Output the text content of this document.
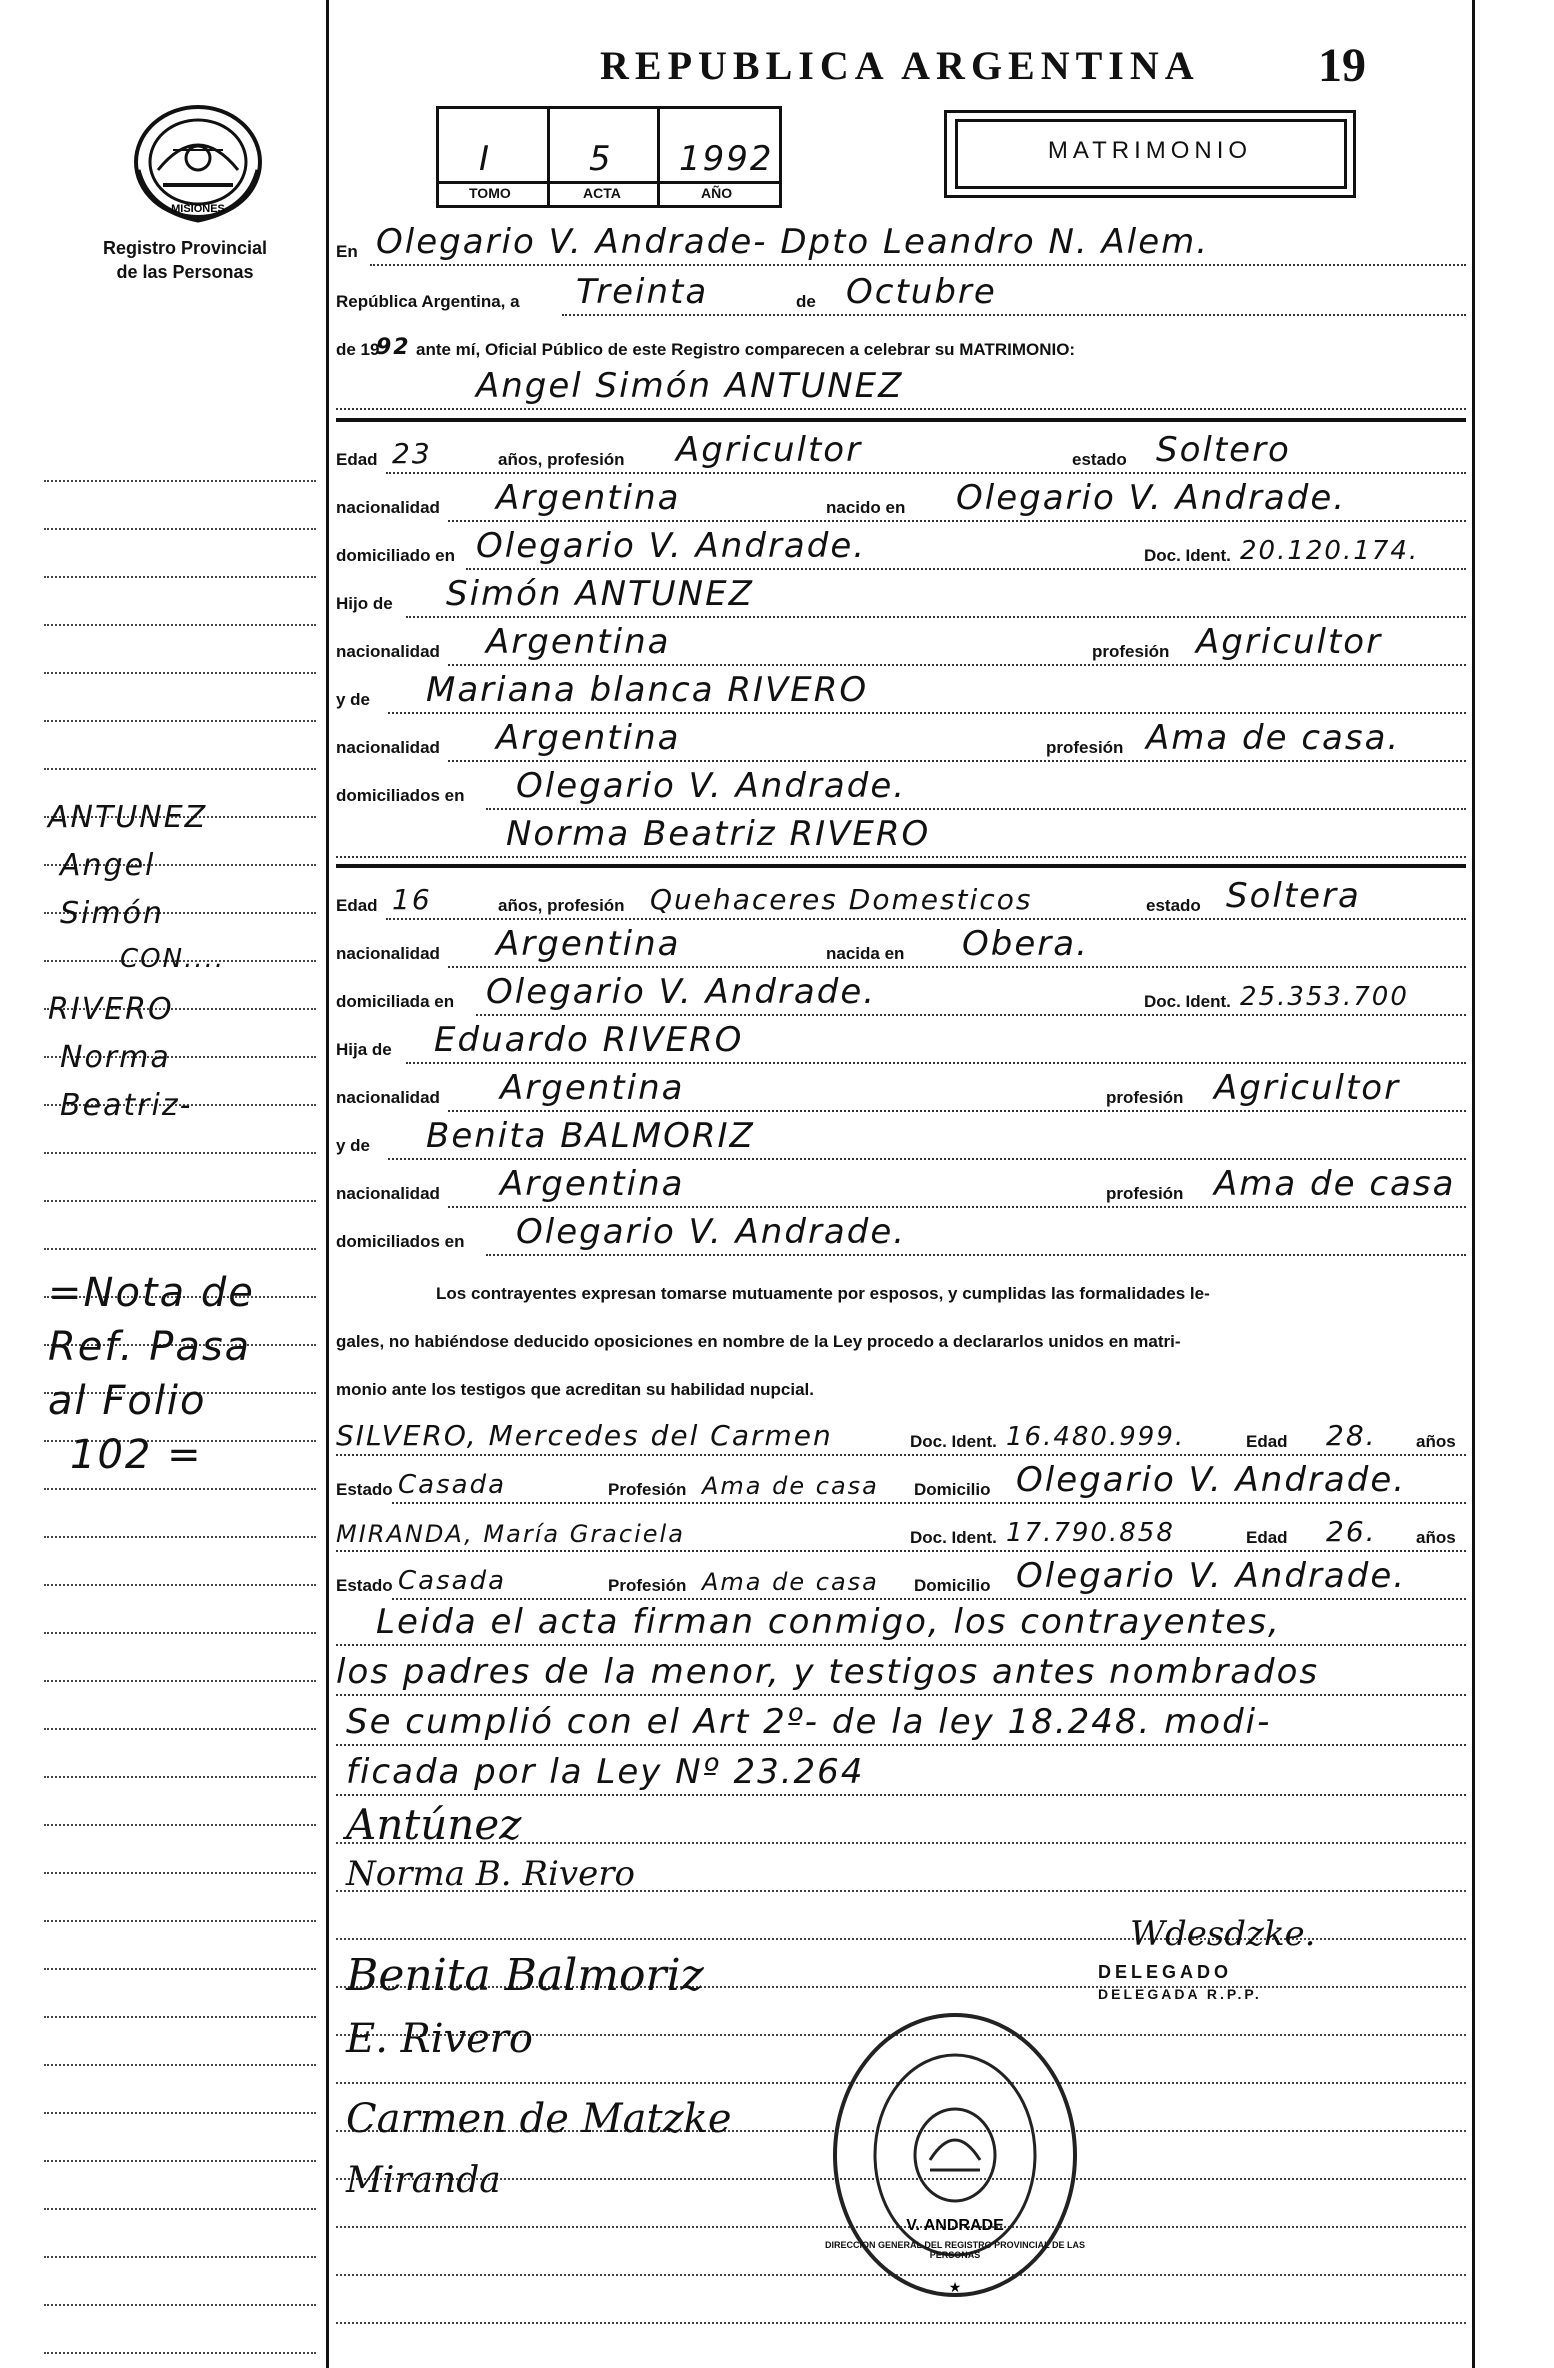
MISIONES
Registro Provincial
de las Personas
REPUBLICA ARGENTINA 19
I	5 1992
TOMO	ACTA	AÑO
MATRIMONIO
En Olegario V. Andrade- Dpto Leandro N. Alem.
República Argentina, a Treinta	de Octubre
de 19
92 ante mí, Oficial Público de este Registro comparecen a celebrar su MATRIMONIO:
Angel Simón ANTUNEZ
Edad 23	años, profesión Agricultor	estado Soltero
nacionalidad Argentina	nacido en Olegario V. Andrade.
domiciliado en Olegario V. Andrade.	Doc. Ident. 20.120.174.
Hijo de Simón ANTUNEZ
nacionalidad Argentina	profesión Agricultor
y de Mariana blanca RIVERO
nacionalidad Argentina	profesión Ama de casa.
domiciliados en Olegario V. Andrade.
Norma Beatriz RIVERO
Edad 16	años, profesión Quehaceres Domesticos	estado Soltera
nacionalidad Argentina	nacida en Obera.
domiciliada en Olegario V. Andrade.	Doc. Ident. 25.353.700
Hija de Eduardo RIVERO
nacionalidad Argentina	profesión Agricultor
y de Benita BALMORIZ
nacionalidad Argentina	profesión Ama de casa
domiciliados en Olegario V. Andrade.
Los contrayentes expresan tomarse mutuamente por esposos, y cumplidas las formalidades le-
gales, no habiéndose deducido oposiciones en nombre de la Ley procedo a declararlos unidos en matri-
monio ante los testigos que acreditan su habilidad nupcial.
SILVERO, Mercedes del Carmen	Doc. Ident. 16.480.999.	Edad 28. años
Estado Casada	Profesión Ama de casa Domicilio Olegario V. Andrade.
MIRANDA, María Graciela	Doc. Ident. 17.790.858	Edad 26. años
Estado Casada	Profesión Ama de casa Domicilio Olegario V. Andrade.
Leida el acta firman conmigo, los contrayentes,
los padres de la menor, y testigos antes nombrados
Se cumplió con el Art 2º- de la ley 18.248. modi-
ficada por la Ley Nº 23.264
Antúnez
Norma B. Rivero
Benita Balmoriz
E. Rivero
Carmen de Matzke
Miranda
Wdesdzke.
DELEGADO
DELEGADA R.P.P.
V. ANDRADE
★
DIRECCION GENERAL DEL REGISTRO PROVINCIAL DE LAS PERSONAS
ANTUNEZ
Angel
Simón
CON....
RIVERO
Norma
Beatriz-
=Nota de
Ref. Pasa
al Folio
102 =
